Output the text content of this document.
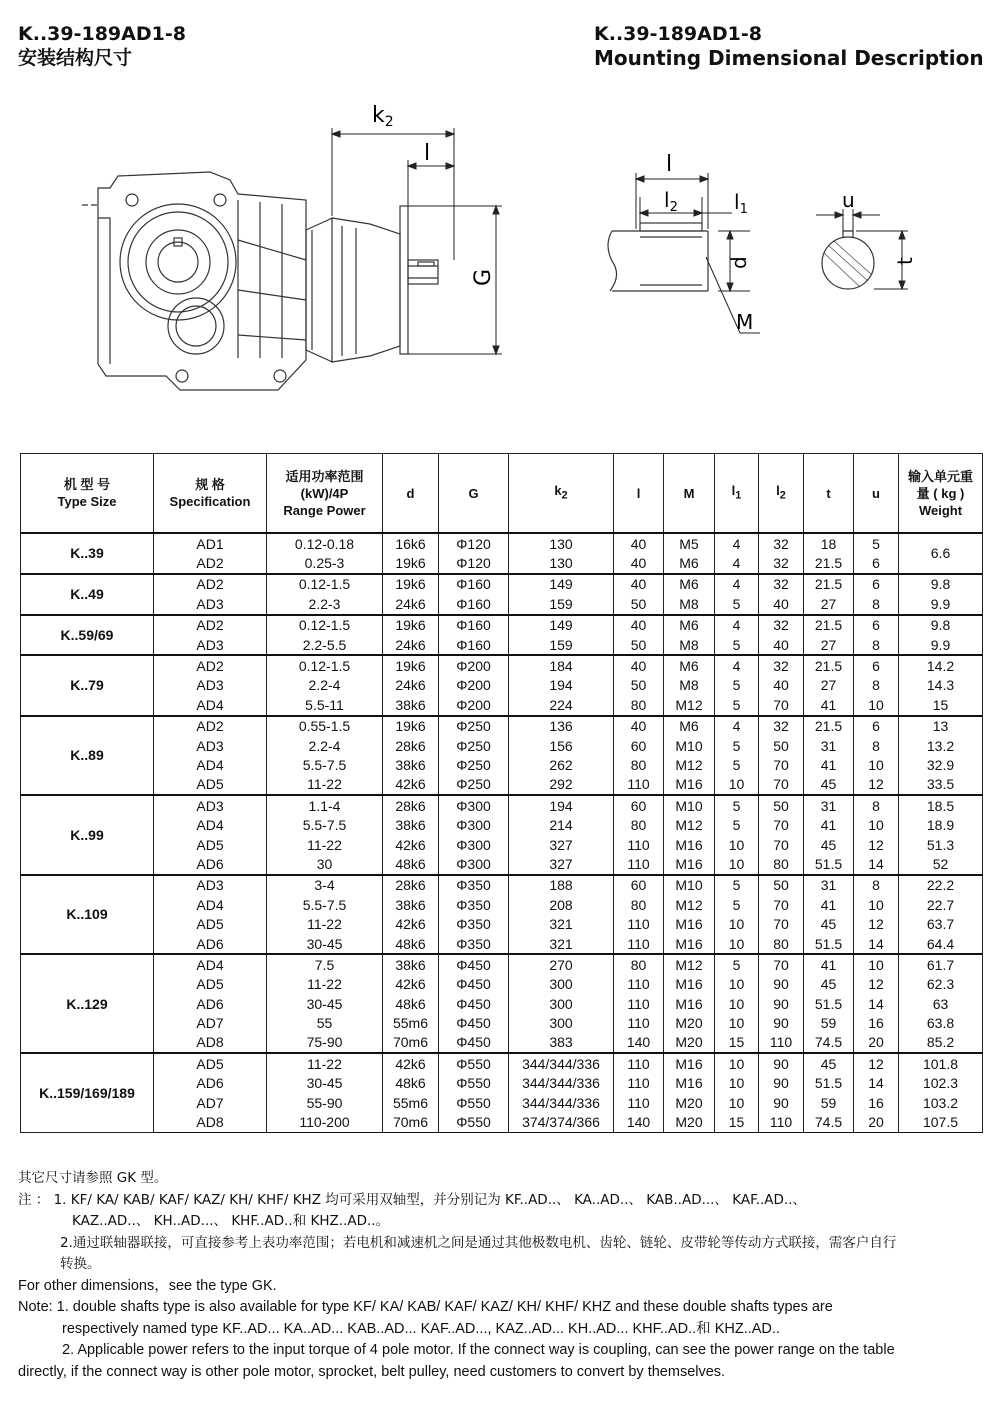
K..39-189AD1-8
安装结构尺寸
K..39-189AD1-8
Mounting Dimensional Description
k2
l
G
l
$l_2$	$l_1$
d
M
u
t
机 型 号
Type Size	规 格
Specification	适用功率范围
(kW)/4P
Range Power	d	G	$k_2$	l	M	$l_1$	$l_2$	t	u	输入单元重
量 ( kg )
Weight
K..39	AD1	0.12-0.18	16k6	Φ120	130	40	M5	4	32	18	5	6.6
	AD2	0.25-3	19k6	Φ120	130	40	M6	4	32	21.5	6	
K..49	AD2	0.12-1.5	19k6	Φ160	149	40	M6	4	32	21.5	6	9.8
	AD3	2.2-3	24k6	Φ160	159	50	M8	5	40	27	8	9.9
K..59/69	AD2	0.12-1.5	19k6	Φ160	149	40	M6	4	32	21.5	6	9.8
	AD3	2.2-5.5	24k6	Φ160	159	50	M8	5	40	27	8	9.9
K..79	AD2	0.12-1.5	19k6	Φ200	184	40	M6	4	32	21.5	6	14.2
	AD3	2.2-4	24k6	Φ200	194	50	M8	5	40	27	8	14.3
	AD4	5.5-11	38k6	Φ200	224	80	M12	5	70	41	10	15
K..89	AD2	0.55-1.5	19k6	Φ250	136	40	M6	4	32	21.5	6	13
	AD3	2.2-4	28k6	Φ250	156	60	M10	5	50	31	8	13.2
	AD4	5.5-7.5	38k6	Φ250	262	80	M12	5	70	41	10	32.9
	AD5	11-22	42k6	Φ250	292	110	M16	10	70	45	12	33.5
K..99	AD3	1.1-4	28k6	Φ300	194	60	M10	5	50	31	8	18.5
	AD4	5.5-7.5	38k6	Φ300	214	80	M12	5	70	41	10	18.9
	AD5	11-22	42k6	Φ300	327	110	M16	10	70	45	12	51.3
	AD6	30	48k6	Φ300	327	110	M16	10	80	51.5	14	52
K..109	AD3	3-4	28k6	Φ350	188	60	M10	5	50	31	8	22.2
	AD4	5.5-7.5	38k6	Φ350	208	80	M12	5	70	41	10	22.7
	AD5	11-22	42k6	Φ350	321	110	M16	10	70	45	12	63.7
	AD6	30-45	48k6	Φ350	321	110	M16	10	80	51.5	14	64.4
K..129	AD4	7.5	38k6	Φ450	270	80	M12	5	70	41	10	61.7
	AD5	11-22	42k6	Φ450	300	110	M16	10	90	45	12	62.3
	AD6	30-45	48k6	Φ450	300	110	M16	10	90	51.5	14	63
	AD7	55	55m6	Φ450	300	110	M20	10	90	59	16	63.8
	AD8	75-90	70m6	Φ450	383	140	M20	15	110	74.5	20	85.2
K..159/169/189	AD5	11-22	42k6	Φ550	344/344/336	110	M16	10	90	45	12	101.8
	AD6	30-45	48k6	Φ550	344/344/336	110	M16	10	90	51.5	14	102.3
	AD7	55-90	55m6	Φ550	344/344/336	110	M20	10	90	59	16	103.2
	AD8	110-200	70m6	Φ550	374/374/366	140	M20	15	110	74.5	20	107.5
其它尺寸请参照 GK 型。
注 ： 1. KF/ KA/ KAB/ KAF/ KAZ/ KH/ KHF/ KHZ 均可采用双轴型，并分别记为 KF..AD..、 KA..AD..、 KAB..AD...、 KAF..AD..、
KAZ..AD..、 KH..AD...、 KHF..AD..和 KHZ..AD..。
2.通过联轴器联接，可直接参考上表功率范围；若电机和减速机之间是通过其他极数电机、齿轮、链轮、皮带轮等传动方式联接，需客户自行
转换。
For other dimensions，see the type GK.
Note: 1. double shafts type is also available for type KF/ KA/ KAB/ KAF/ KAZ/ KH/ KHF/ KHZ and these double shafts types are
respectively named type KF..AD... KA..AD... KAB..AD... KAF..AD..., KAZ..AD... KH..AD... KHF..AD..和 KHZ..AD..
2. Applicable power refers to the input torque of 4 pole motor. If the connect way is coupling, can see the power range on the table
directly, if the connect way is other pole motor, sprocket, belt pulley, need customers to convert by themselves.
